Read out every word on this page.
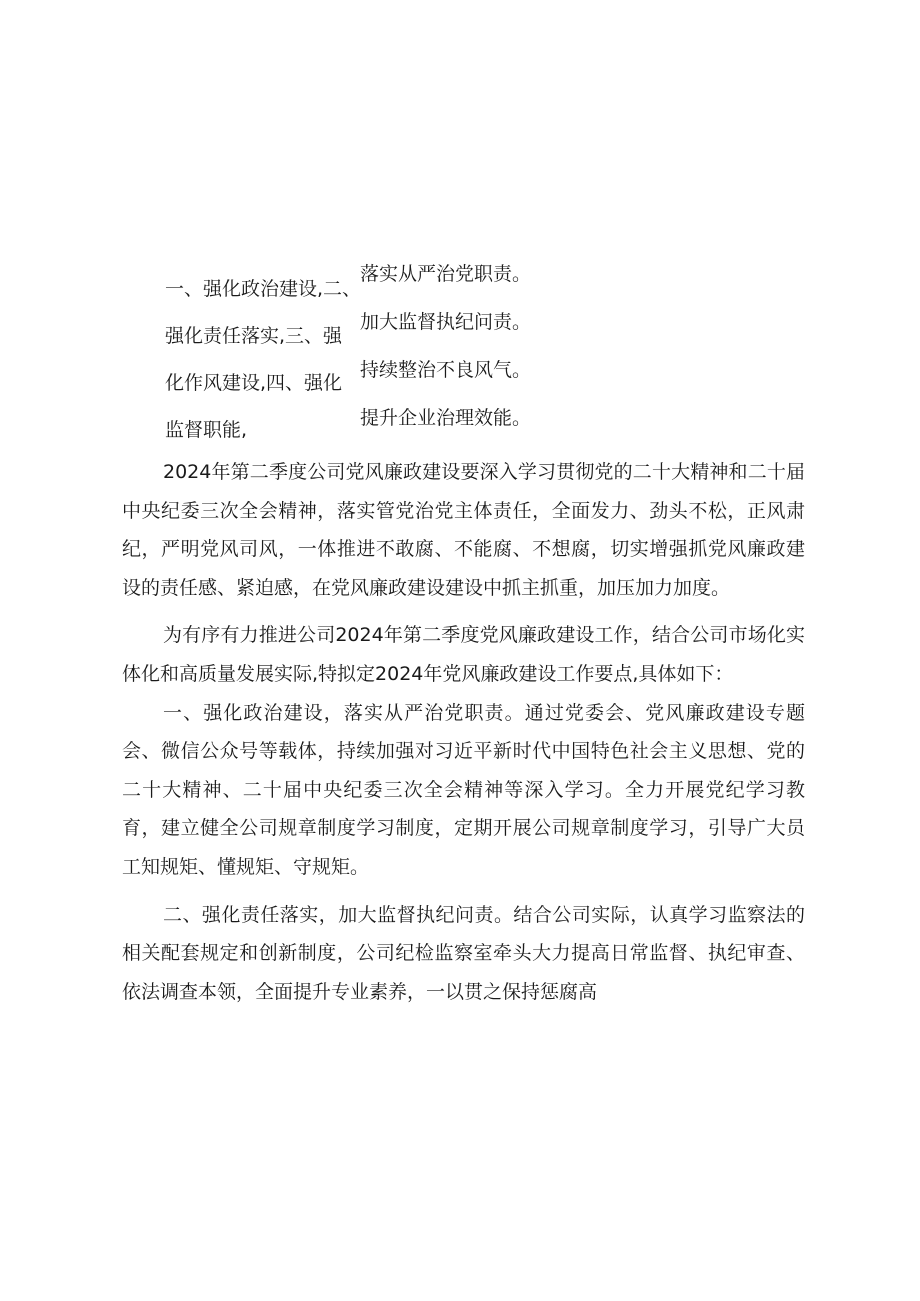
一、强化政治建设,二、
强化责任落实,三、强
化作风建设,四、强化
监督职能,
落实从严治党职责。
加大监督执纪问责。
持续整治不良风气。
提升企业治理效能。

2024年第二季度公司党风廉政建设要深入学习贯彻党的二十大精神和二十届中央纪委三次全会精神，落实管党治党主体责任，全面发力、劲头不松，正风肃纪，严明党风司风，一体推进不敢腐、不能腐、不想腐，切实增强抓党风廉政建设的责任感、紧迫感，在党风廉政建设建设中抓主抓重，加压加力加度。

为有序有力推进公司2024年第二季度党风廉政建设工作，结合公司市场化实体化和高质量发展实际,特拟定2024年党风廉政建设工作要点,具体如下：

一、强化政治建设，落实从严治党职责。通过党委会、党风廉政建设专题会、微信公众号等载体，持续加强对习近平新时代中国特色社会主义思想、党的二十大精神、二十届中央纪委三次全会精神等深入学习。全力开展党纪学习教育，建立健全公司规章制度学习制度，定期开展公司规章制度学习，引导广大员工知规矩、懂规矩、守规矩。

二、强化责任落实，加大监督执纪问责。结合公司实际，认真学习监察法的相关配套规定和创新制度，公司纪检监察室牵头大力提高日常监督、执纪审查、依法调查本领，全面提升专业素养，一以贯之保持惩腐高
